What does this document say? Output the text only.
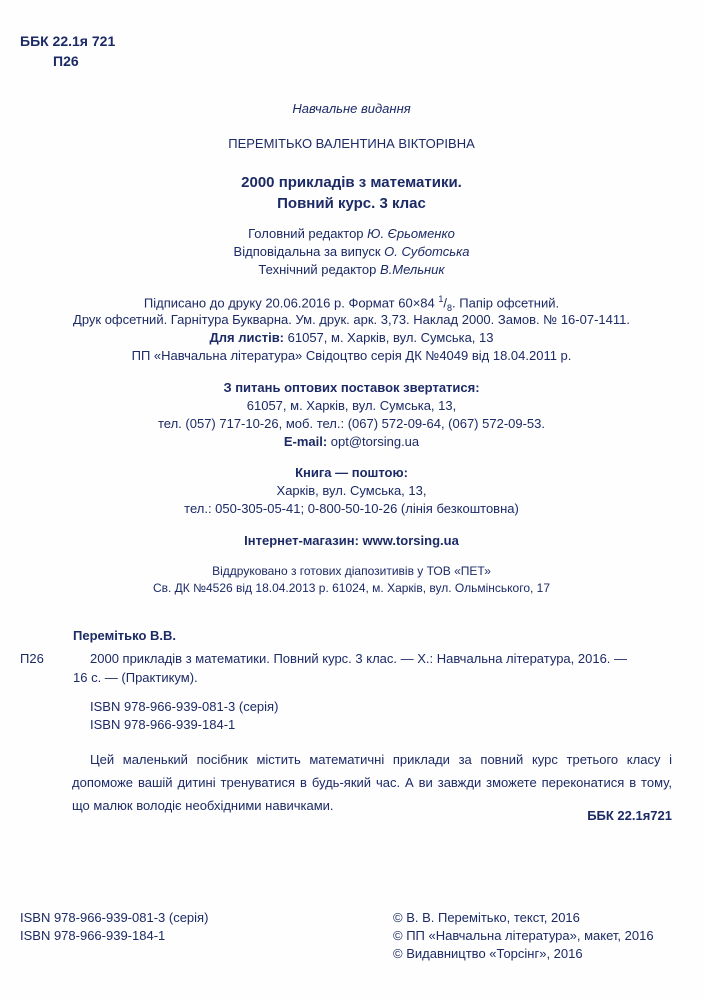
ББК 22.1я 721
П26
Навчальне видання
ПЕРЕМІТЬКО ВАЛЕНТИНА ВІКТОРІВНА
2000 прикладів з математики.
Повний курс. 3 клас
Головний редактор Ю. Єрьоменко
Відповідальна за випуск О. Суботська
Технічний редактор В.Мельник
Підписано до друку 20.06.2016 р. Формат 60×84 $^1/_8$. Папір офсетний.
Друк офсетний. Гарнітура Букварна. Ум. друк. арк. 3,73. Наклад 2000. Замов. № 16-07-1411.
Для листів: 61057, м. Харків, вул. Сумська, 13
ПП «Навчальна література» Свідоцтво серія ДК №4049 від 18.04.2011 р.
З питань оптових поставок звертатися:
61057, м. Харків, вул. Сумська, 13,
тел. (057) 717-10-26, моб. тел.: (067) 572-09-64, (067) 572-09-53.
E-mail: opt@torsing.ua
Книга — поштою:
Харків, вул. Сумська, 13,
тел.: 050-305-05-41; 0-800-50-10-26 (лінія безкоштовна)
Інтернет-магазин: www.torsing.ua
Віддруковано з готових діапозитивів у ТОВ «ПЕТ»
Св. ДК №4526 від 18.04.2013 р. 61024, м. Харків, вул. Ольмінського, 17
Перемітько В.В.
П26	2000 прикладів з математики. Повний курс. 3 клас. — Х.: Навчальна література, 2016. —
16 с. — (Практикум).
ISBN 978-966-939-081-3 (серія)
ISBN 978-966-939-184-1
Цей маленький посібник містить математичні приклади за повний курс третього класу і допоможе вашій дитині тренуватися в будь-який час. А ви завжди зможете переконатися в тому, що малюк володіє необхідними навичками.
ББК 22.1я721
ISBN 978-966-939-081-3 (серія)
ISBN 978-966-939-184-1
© В. В. Перемітько, текст, 2016
© ПП «Навчальна література», макет, 2016
© Видавництво «Торсінг», 2016
